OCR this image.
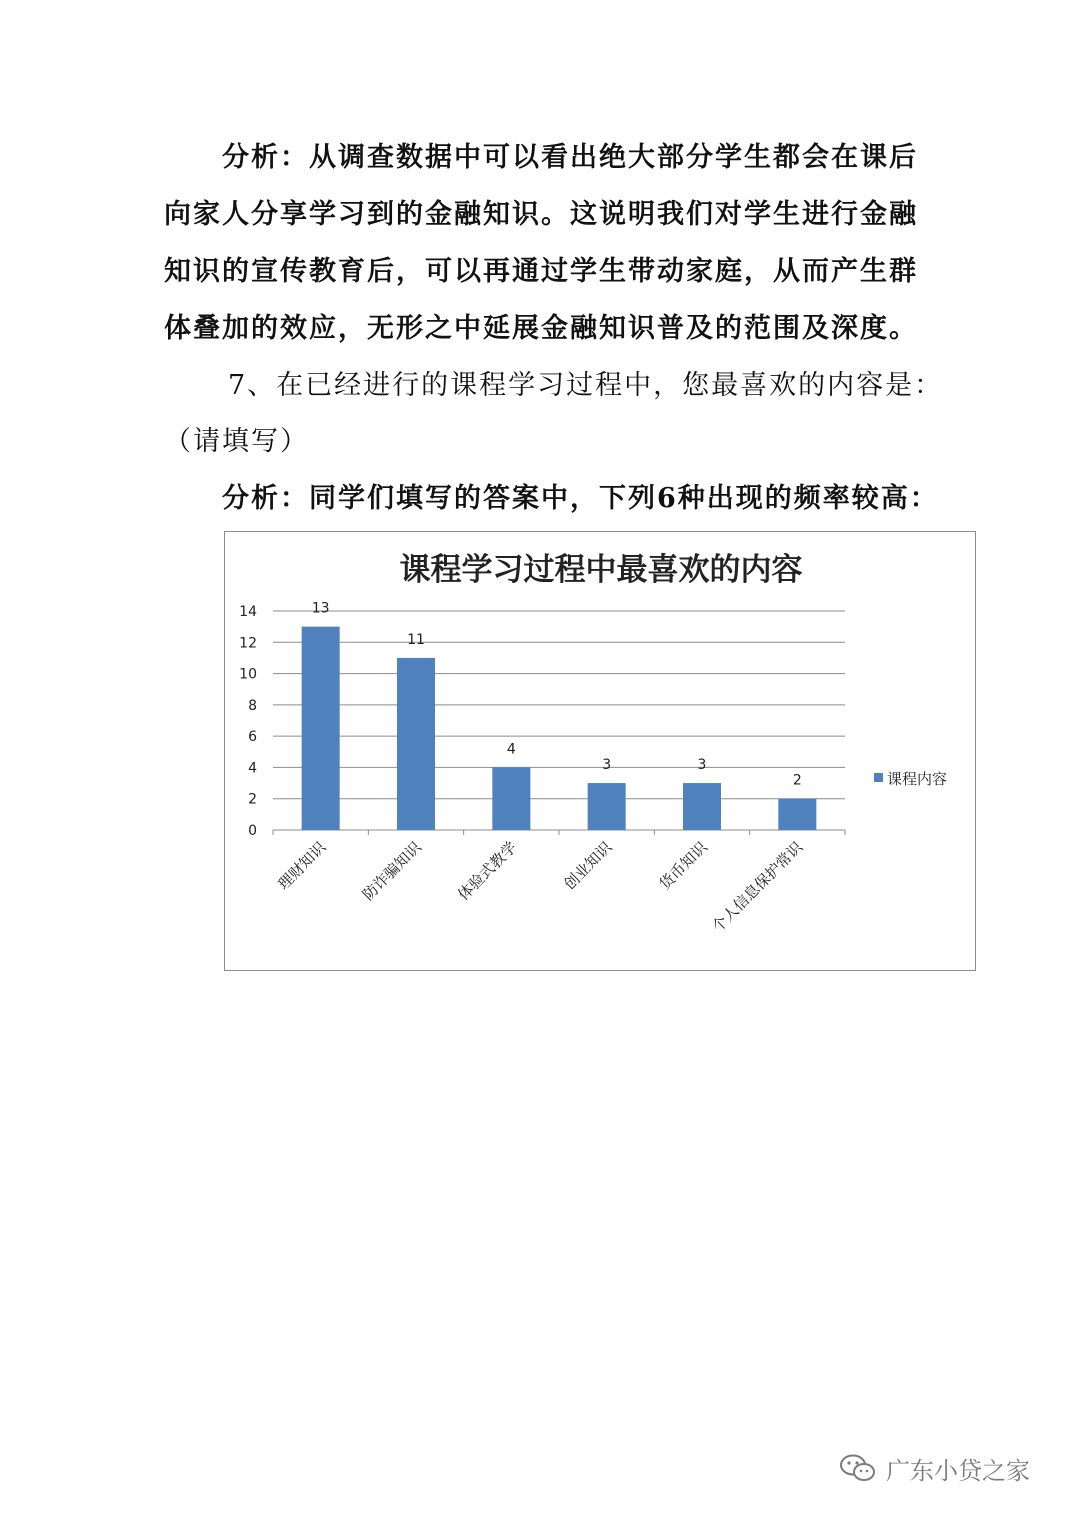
分析：从调查数据中可以看出绝大部分学生都会在课后
向家人分享学习到的金融知识。这说明我们对学生进行金融
知识的宣传教育后，可以再通过学生带动家庭，从而产生群
体叠加的效应，无形之中延展金融知识普及的范围及深度。
7、在已经进行的课程学习过程中，您最喜欢的内容是：
（请填写）
分析：同学们填写的答案中，下列6种出现的频率较高：
课程学习过程中最喜欢的内容
0
2
4
6
8
10
12
14	13
理财知识
11
防诈骗知识
4
体验式教学
3
创业知识
3
货币知识
2
个人信息保护常识
课程内容
广东小贷之家
